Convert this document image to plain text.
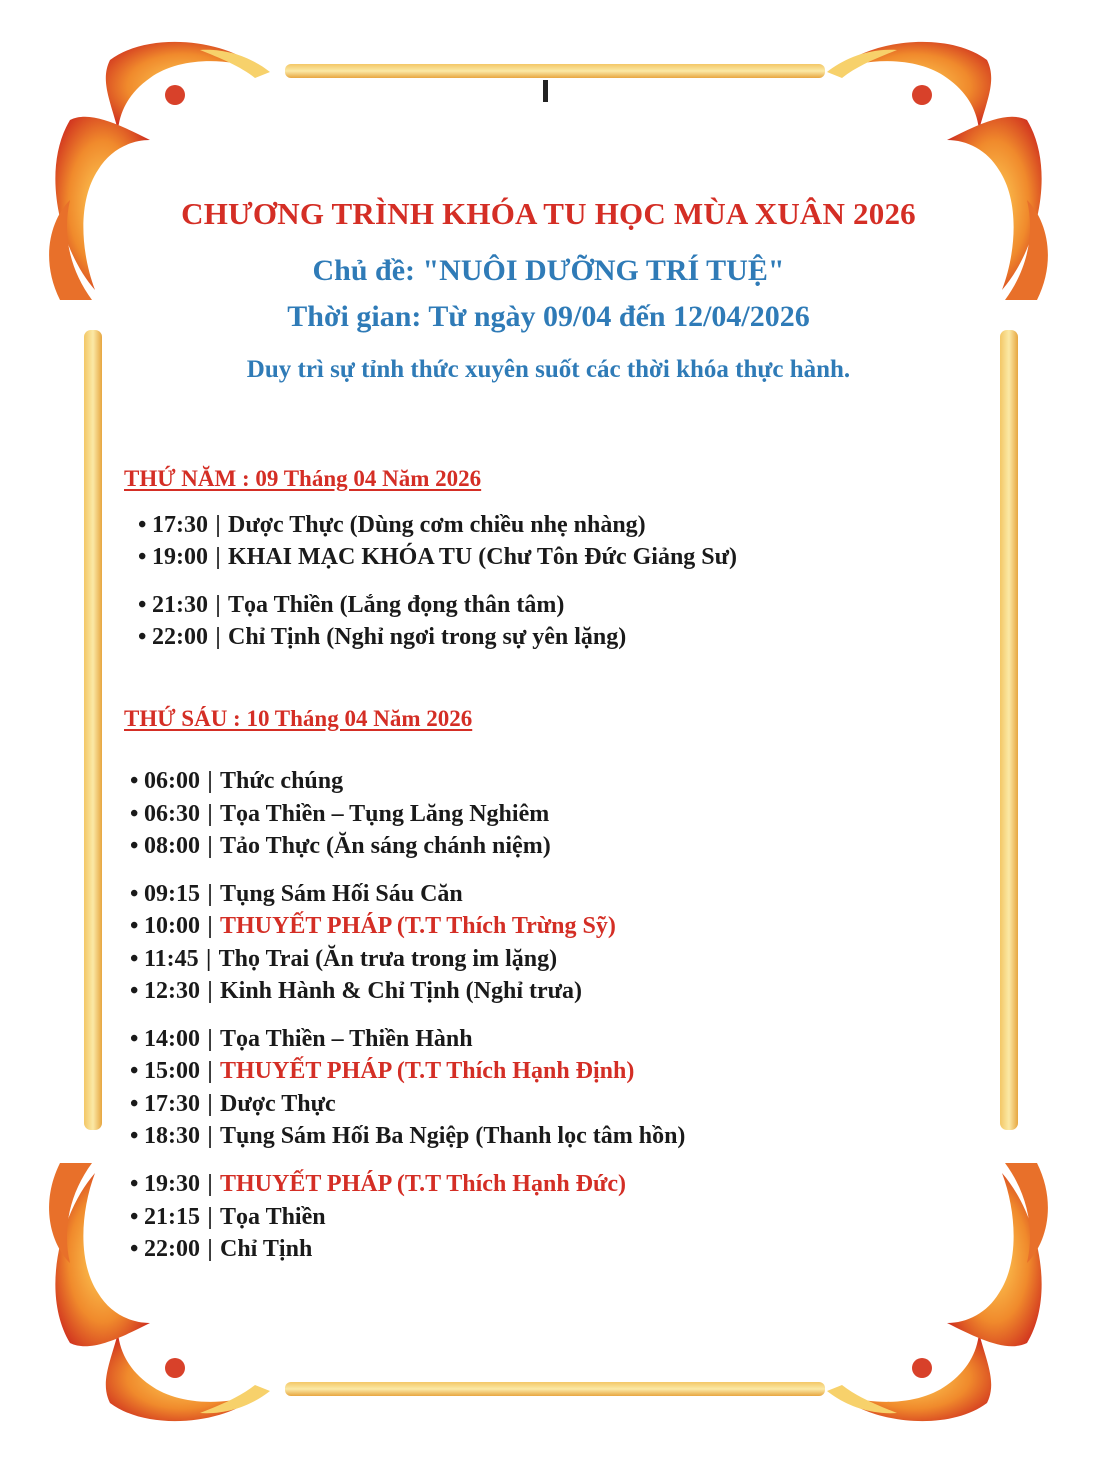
CHƯƠNG TRÌNH KHÓA TU HỌC MÙA XUÂN 2026
Chủ đề: "NUÔI DƯỠNG TRÍ TUỆ"
Thời gian: Từ ngày 09/04 đến 12/04/2026

Duy trì sự tỉnh thức xuyên suốt các thời khóa thực hành.

THỨ NĂM : 09 Tháng 04 Năm 2026
• 17:30 | Dược Thực (Dùng cơm chiều nhẹ nhàng)
• 19:00 | KHAI MẠC KHÓA TU (Chư Tôn Đức Giảng Sư)
• 21:30 | Tọa Thiền (Lắng đọng thân tâm)
• 22:00 | Chỉ Tịnh (Nghỉ ngơi trong sự yên lặng)
THỨ SÁU : 10 Tháng 04 Năm 2026
• 06:00 | Thức chúng
• 06:30 | Tọa Thiền – Tụng Lăng Nghiêm
• 08:00 | Tảo Thực (Ăn sáng chánh niệm)
• 09:15 | Tụng Sám Hối Sáu Căn
• 10:00 | THUYẾT PHÁP (T.T Thích Trừng Sỹ)
• 11:45 | Thọ Trai (Ăn trưa trong im lặng)
• 12:30 | Kinh Hành & Chỉ Tịnh (Nghỉ trưa)
• 14:00 | Tọa Thiền – Thiền Hành
• 15:00 | THUYẾT PHÁP (T.T Thích Hạnh Định)
• 17:30 | Dược Thực
• 18:30 | Tụng Sám Hối Ba Ngiệp (Thanh lọc tâm hồn)
• 19:30 | THUYẾT PHÁP (T.T Thích Hạnh Đức)
• 21:15 | Tọa Thiền
• 22:00 | Chỉ Tịnh
